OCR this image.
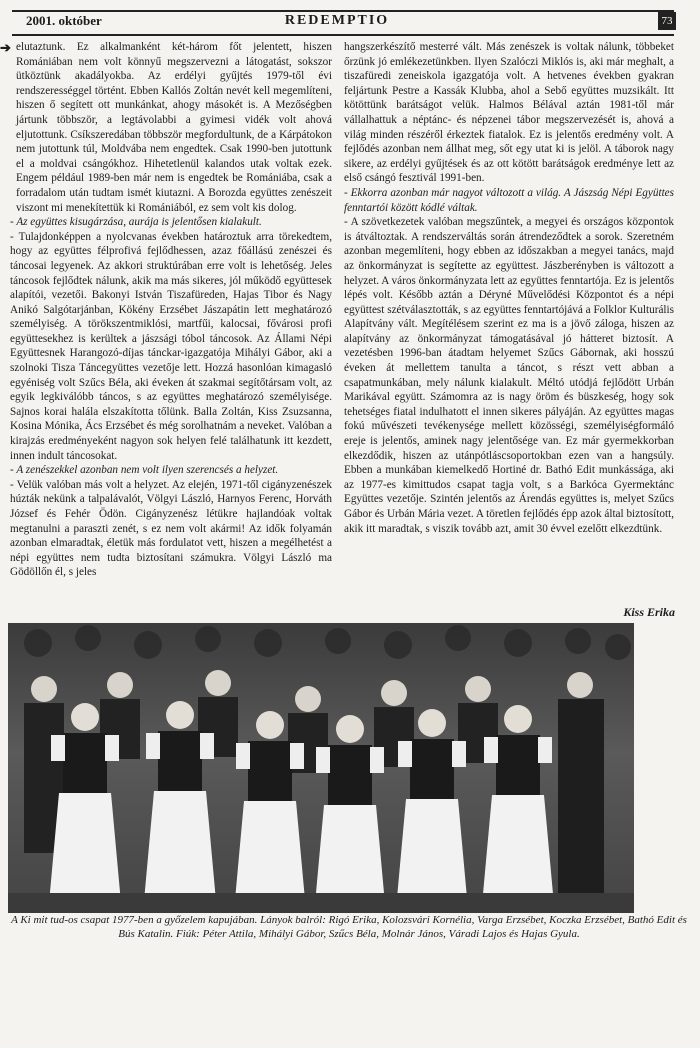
2001. október	REDEMPTIO	73
➔ elutaztunk. Ez alkalmanként két-három főt jelentett, hiszen Romániában nem volt könnyű megszervezni a látogatást, sokszor ütköztünk akadályokba. Az erdélyi gyűjtés 1979-től évi rendszerességgel történt. Ebben Kallós Zoltán nevét kell megemlíteni, hiszen ő segített ott munkánkat, ahogy másokét is. A Mezőségben jártunk többször, a legtávolabbi a gyimesi vidék volt ahová eljutottunk. Csíkszeredában többször megfordultunk, de a Kárpátokon nem jutottunk túl, Moldvába nem engedtek. Csak 1990-ben jutottunk el a moldvai csángókhoz. Hihetetlenül kalandos utak voltak ezek. Engem például 1989-ben már nem is engedtek be Romániába, csak a forradalom után tudtam ismét kiutazni. A Borozda együttes zenészeit viszont mi menekítettük ki Romániából, ez sem volt kis dolog.

- Az együttes kisugárzása, aurája is jelentősen kialakult.

- Tulajdonképpen a nyolcvanas években határoztuk arra törekedtem, hogy az együttes félprofivá fejlődhessen, azaz főállású zenészei és táncosai legyenek. Az akkori struktúrában erre volt is lehetőség. Jeles táncosok fejlődtek nálunk, akik ma más sikeres, jól működő együttesek alapítói, vezetői. Bakonyi István Tiszafüreden, Hajas Tibor és Nagy Anikó Salgótarjánban, Kökény Erzsébet Jászapátin lett meghatározó személyiség. A törökszentmiklósi, martfűi, kalocsai, fővárosi profi együttesekhez is kerültek a jászsági tóbol táncosok. Az Állami Népi Együttesnek Harangozó-díjas tánckar-igazgatója Mihályi Gábor, aki a szolnoki Tisza Táncegyüttes vezetője lett. Hozzá hasonlóan kimagasló egyéniség volt Szűcs Béla, aki éveken át szakmai segítőtársam volt, az egyik legkiválóbb táncos, s az együttes meghatározó személyisége. Sajnos korai halála elszakította tőlünk. Balla Zoltán, Kiss Zsuzsanna, Kosina Mónika, Ács Erzsébet és még sorolhatnám a neveket. Valóban a kirajzás eredményeként nagyon sok helyen felé találhatunk itt kezdett, innen indult táncosokat.

- A zenészekkel azonban nem volt ilyen szerencsés a helyzet.

- Velük valóban más volt a helyzet. Az elején, 1971-től cigányzenészek húzták nekünk a talpalávalót, Völgyi László, Harnyos Ferenc, Horváth József és Fehér Ödön. Cigányzenész létükre hajlandóak voltak megtanulni a paraszti zenét, s ez nem volt akármi! Az idők folyamán azonban elmaradtak, életük más fordulatot vett, hiszen a megélhetést a népi együttes nem tudta biztosítani számukra. Völgyi László ma Gödöllőn él, s jeles

hangszerkészítő mesterré vált. Más zenészek is voltak nálunk, többeket őrzünk jó emlékezetünkben. Ilyen Szalóczi Miklós is, aki már meghalt, a tiszafüredi zeneiskola igazgatója volt. A hetvenes években gyakran feljártunk Pestre a Kassák Klubba, ahol a Sebő együttes muzsikált. Itt kötöttünk barátságot velük. Halmos Bélával aztán 1981-től már vállalhattuk a néptánc- és népzenei tábor megszervezését is, ahová a világ minden részéről érkeztek fiatalok. Ez is jelentős eredmény volt. A fejlődés azonban nem állhat meg, sőt egy utat ki is jelöl. A táborok nagy sikere, az erdélyi gyűjtések és az ott kötött barátságok eredménye lett az első csángó fesztivál 1991-ben.

- Ekkorra azonban már nagyot változott a világ. A Jászság Népi Együttes fenntartói között kódlé váltak.

- A szövetkezetek valóban megszűntek, a megyei és országos központok is átváltoztak. A rendszerváltás során átrendeződtek a sorok. Szeretném azonban megemlíteni, hogy ebben az időszakban a megyei tanács, majd az önkormányzat is segítette az együttest. Jászberényben is változott a helyzet. A város önkormányzata lett az együttes fenntartója. Ez is jelentős lépés volt. Később aztán a Déryné Művelődési Központot és a népi együttest szétválasztották, s az együttes fenntartójává a Folklor Kulturális Alapítvány vált. Megítélésem szerint ez ma is a jövő záloga, hiszen az alapítvány az önkormányzat támogatásával jó hátteret biztosít. A vezetésben 1996-ban átadtam helyemet Szűcs Gábornak, aki hosszú éveken át mellettem tanulta a táncot, s részt vett abban a csapatmunkában, mely nálunk kialakult. Méltó utódjá fejlődött Urbán Marikával együtt. Számomra az is nagy öröm és büszkeség, hogy sok tehetséges fiatal indulhatott el innen sikeres pályáján. Az együttes magas fokú művészeti tevékenysége mellett közösségi, személyiségformáló ereje is jelentős, aminek nagy jelentősége van. Ez már gyermekkorban elkezdődik, hiszen az utánpótláscsoportokban ezen van a hangsúly. Ebben a munkában kiemelkedő Hortiné dr. Bathó Edit munkássága, aki az 1977-es kimittudos csapat tagja volt, s a Barkóca Gyermektánc Együttes vezetője. Szintén jelentős az Árendás együttes is, melyet Szűcs Gábor és Urbán Mária vezet. A töretlen fejlődés épp azok által biztosított, akik itt maradtak, s viszik tovább azt, amit 30 évvel ezelőtt elkezdtünk.

Kiss Erika
A Ki mit tud-os csapat 1977-ben a győzelem kapujában. Lányok balról: Rigó Erika, Kolozsvári Kornélia, Varga Erzsébet, Koczka Erzsébet, Bathó Edit és Bús Katalin. Fiúk: Péter Attila, Mihályi Gábor, Szűcs Béla, Molnár János, Váradi Lajos és Hajas Gyula.
